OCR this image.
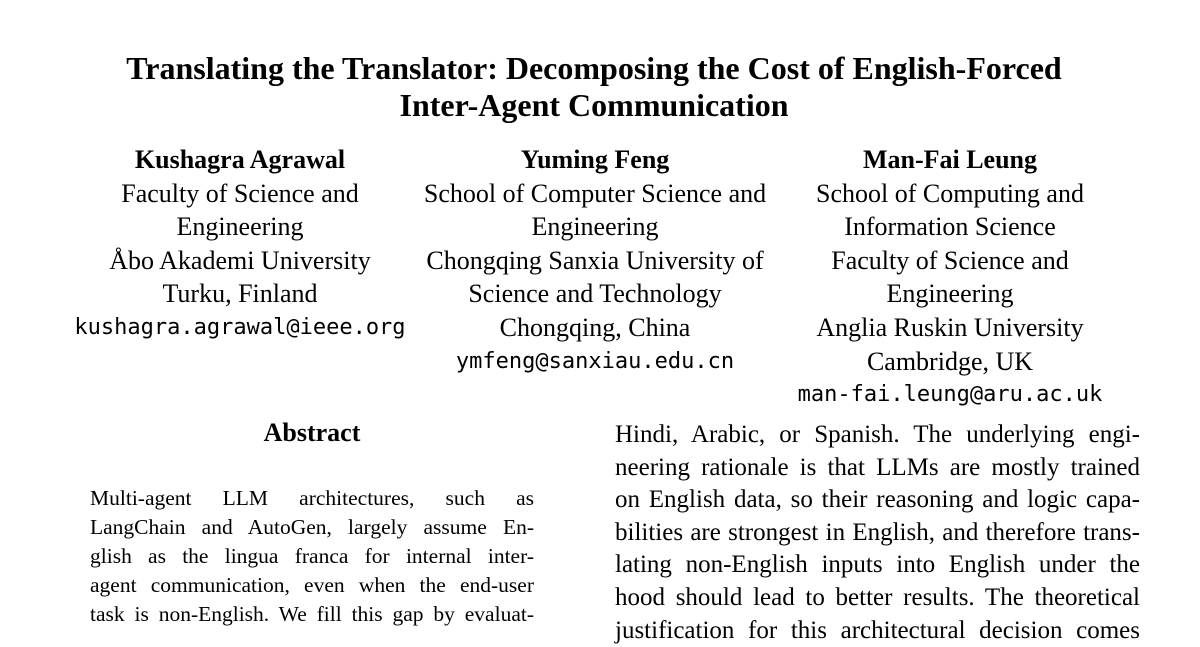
Translating the Translator: Decomposing the Cost of English-Forced
Inter-Agent Communication
Kushagra Agrawal
Faculty of Science and
Engineering
Åbo Akademi University
Turku, Finland
kushagra.agrawal@ieee.org
Yuming Feng
School of Computer Science and
Engineering
Chongqing Sanxia University of
Science and Technology
Chongqing, China
ymfeng@sanxiau.edu.cn
Man-Fai Leung
School of Computing and
Information Science
Faculty of Science and
Engineering
Anglia Ruskin University
Cambridge, UK
man-fai.leung@aru.ac.uk
Abstract
Multi-agent LLM architectures, such as
LangChain and AutoGen, largely assume En-
glish as the lingua franca for internal inter-
agent communication, even when the end-user
task is non-English. We fill this gap by evaluat-
Hindi, Arabic, or Spanish. The underlying engi-
neering rationale is that LLMs are mostly trained
on English data, so their reasoning and logic capa-
bilities are strongest in English, and therefore trans-
lating non-English inputs into English under the
hood should lead to better results. The theoretical
justification for this architectural decision comes
